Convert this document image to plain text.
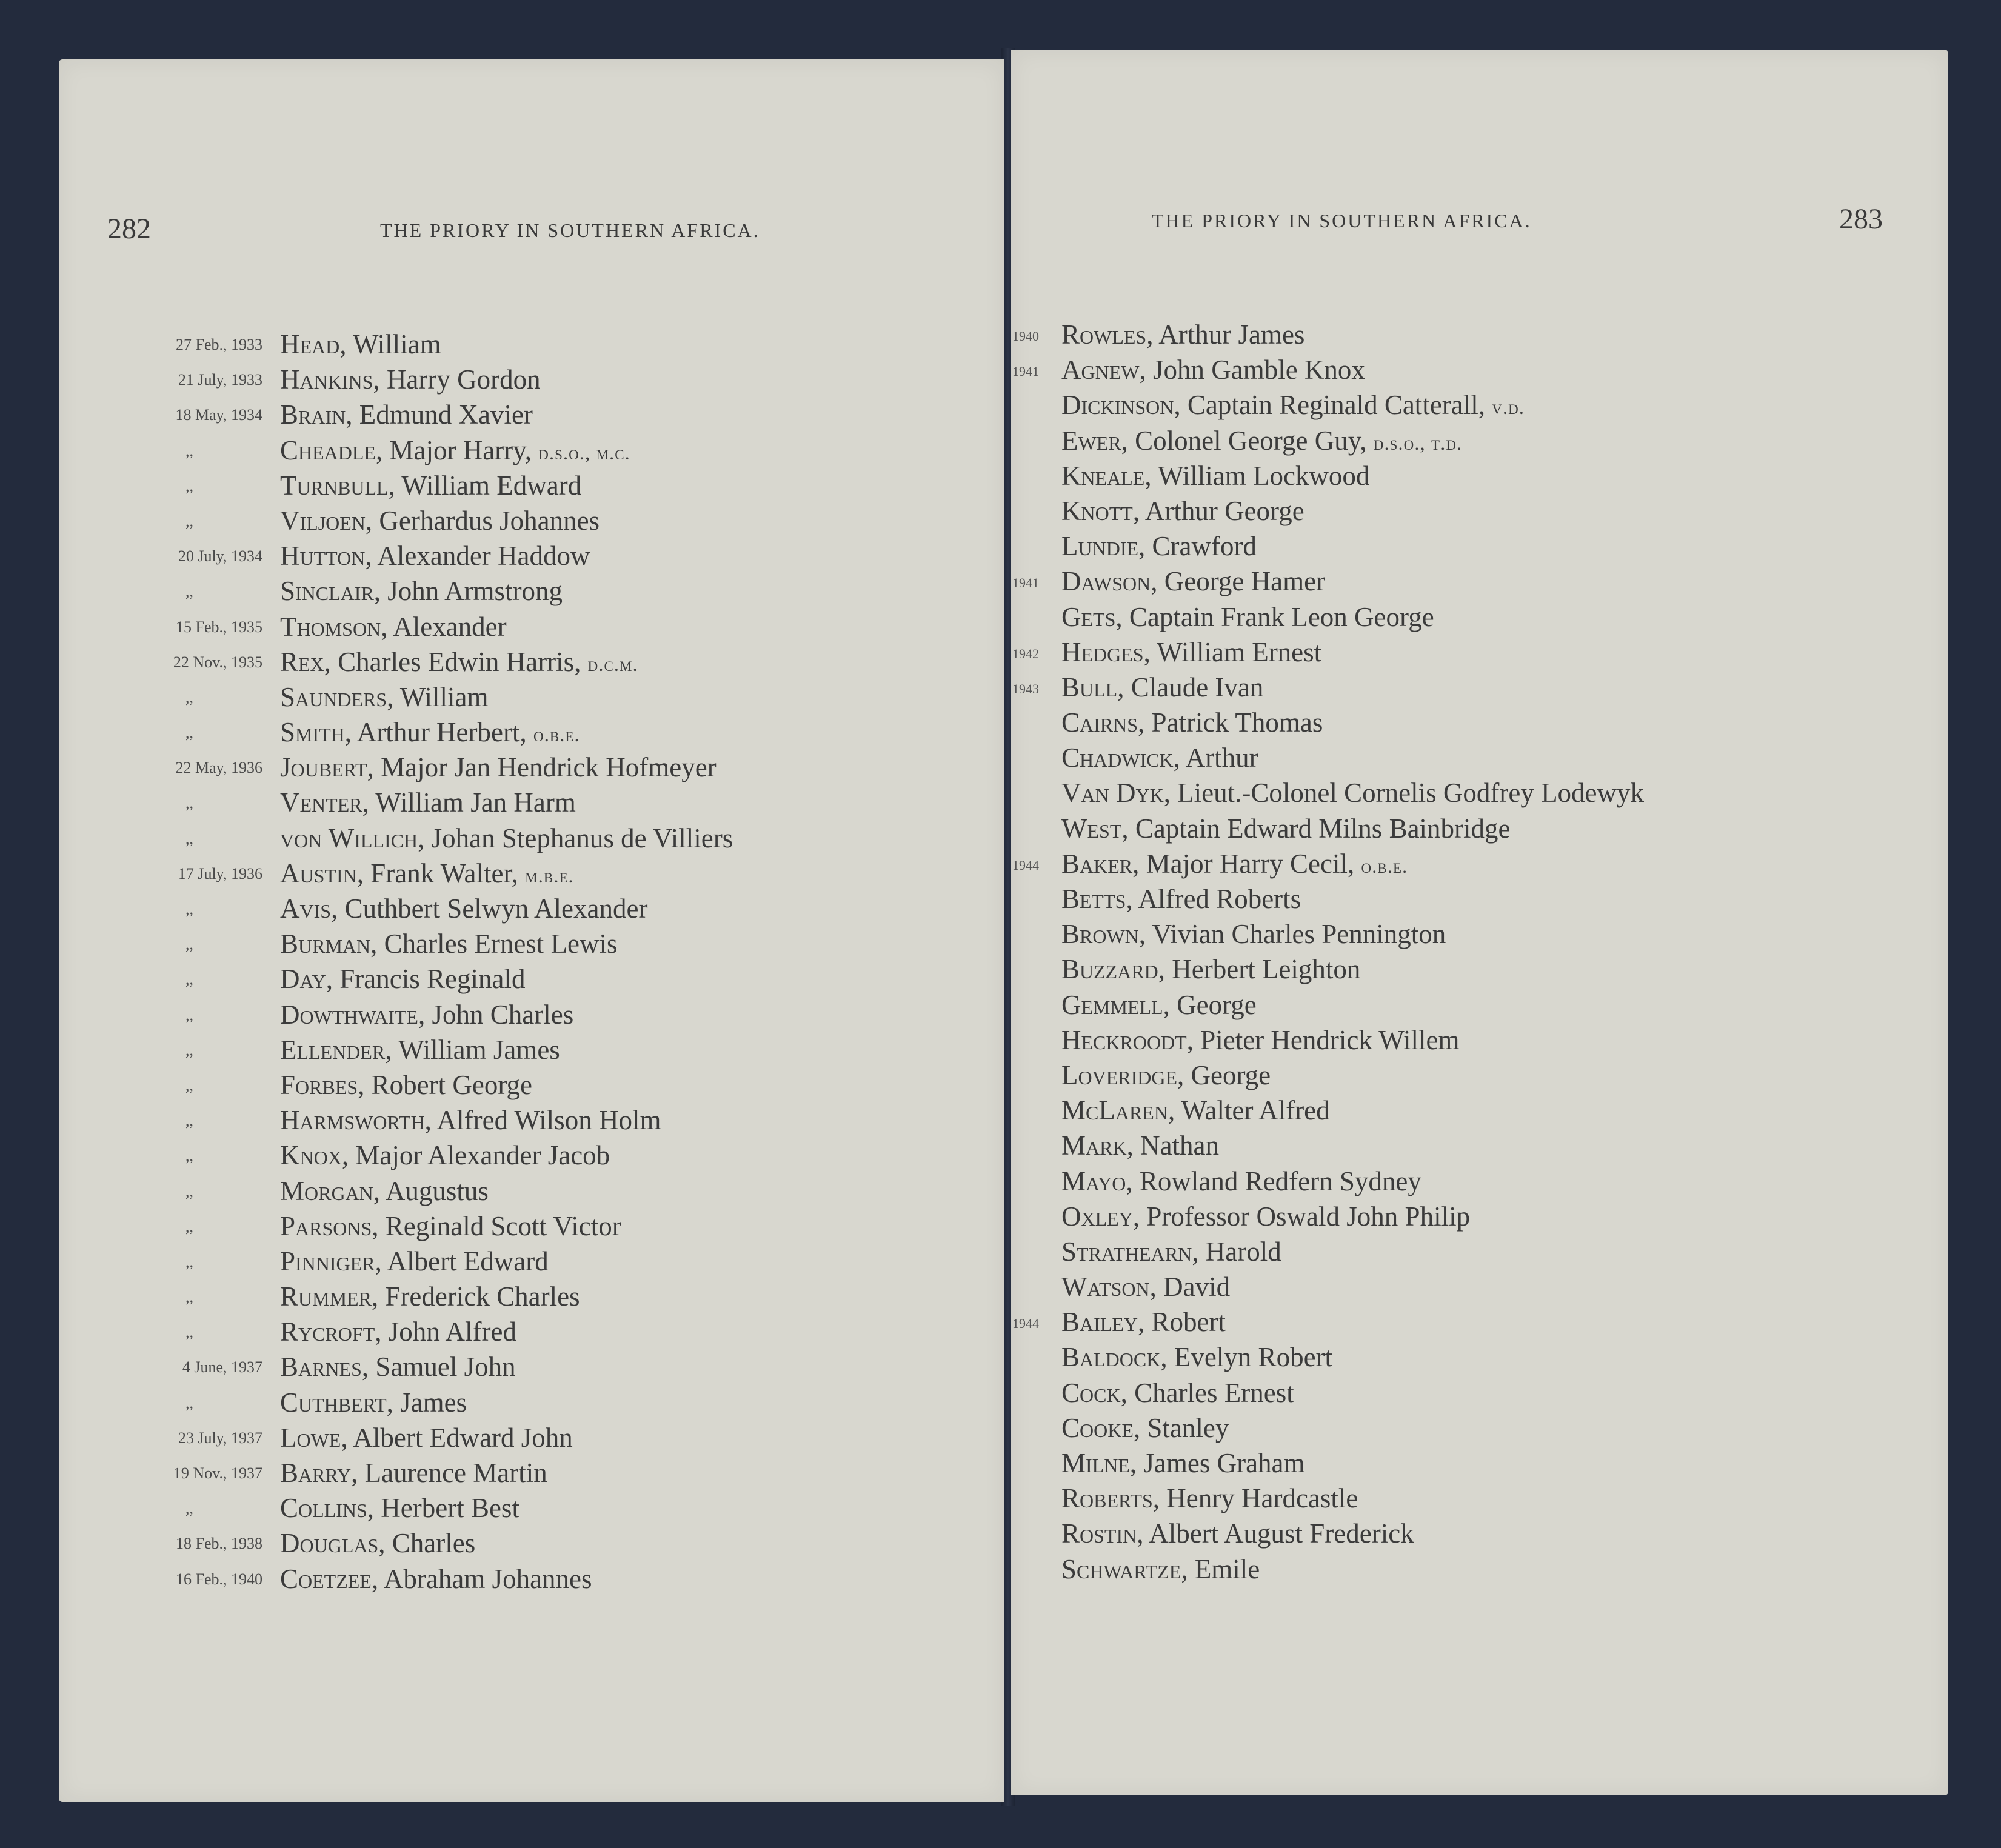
282	THE PRIORY IN SOUTHERN AFRICA.
27 Feb., 1933 Head, William
21 July, 1933 Hankins, Harry Gordon
18 May, 1934 Brain, Edmund Xavier
,,	Cheadle, Major Harry, d.s.o., m.c.
,,	Turnbull, William Edward
,,	Viljoen, Gerhardus Johannes
20 July, 1934 Hutton, Alexander Haddow
,,	Sinclair, John Armstrong
15 Feb., 1935 Thomson, Alexander
22 Nov., 1935 Rex, Charles Edwin Harris, d.c.m.
,,	Saunders, William
,,	Smith, Arthur Herbert, o.b.e.
22 May, 1936 Joubert, Major Jan Hendrick Hofmeyer
,,	Venter, William Jan Harm
,,	von Willich, Johan Stephanus de Villiers
17 July, 1936 Austin, Frank Walter, m.b.e.
,,	Avis, Cuthbert Selwyn Alexander
,,	Burman, Charles Ernest Lewis
,,	Day, Francis Reginald
,,	Dowthwaite, John Charles
,,	Ellender, William James
,,	Forbes, Robert George
,,	Harmsworth, Alfred Wilson Holm
,,	Knox, Major Alexander Jacob
,,	Morgan, Augustus
,,	Parsons, Reginald Scott Victor
,,	Pinniger, Albert Edward
,,	Rummer, Frederick Charles
,,	Rycroft, John Alfred
4 June, 1937 Barnes, Samuel John
,,	Cuthbert, James
23 July, 1937 Lowe, Albert Edward John
19 Nov., 1937 Barry, Laurence Martin
,,	Collins, Herbert Best
18 Feb., 1938 Douglas, Charles
16 Feb., 1940 Coetzee, Abraham Johannes
THE PRIORY IN SOUTHERN AFRICA.	283
1940 Rowles, Arthur James
1941 Agnew, John Gamble Knox
Dickinson, Captain Reginald Catterall, v.d.
Ewer, Colonel George Guy, d.s.o., t.d.
Kneale, William Lockwood
Knott, Arthur George
Lundie, Crawford
1941 Dawson, George Hamer
Gets, Captain Frank Leon George
1942 Hedges, William Ernest
1943 Bull, Claude Ivan
Cairns, Patrick Thomas
Chadwick, Arthur
Van Dyk, Lieut.-Colonel Cornelis Godfrey Lodewyk
West, Captain Edward Milns Bainbridge
1944 Baker, Major Harry Cecil, o.b.e.
Betts, Alfred Roberts
Brown, Vivian Charles Pennington
Buzzard, Herbert Leighton
Gemmell, George
Heckroodt, Pieter Hendrick Willem
Loveridge, George
McLaren, Walter Alfred
Mark, Nathan
Mayo, Rowland Redfern Sydney
Oxley, Professor Oswald John Philip
Strathearn, Harold
Watson, David
1944 Bailey, Robert
Baldock, Evelyn Robert
Cock, Charles Ernest
Cooke, Stanley
Milne, James Graham
Roberts, Henry Hardcastle
Rostin, Albert August Frederick
Schwartze, Emile
